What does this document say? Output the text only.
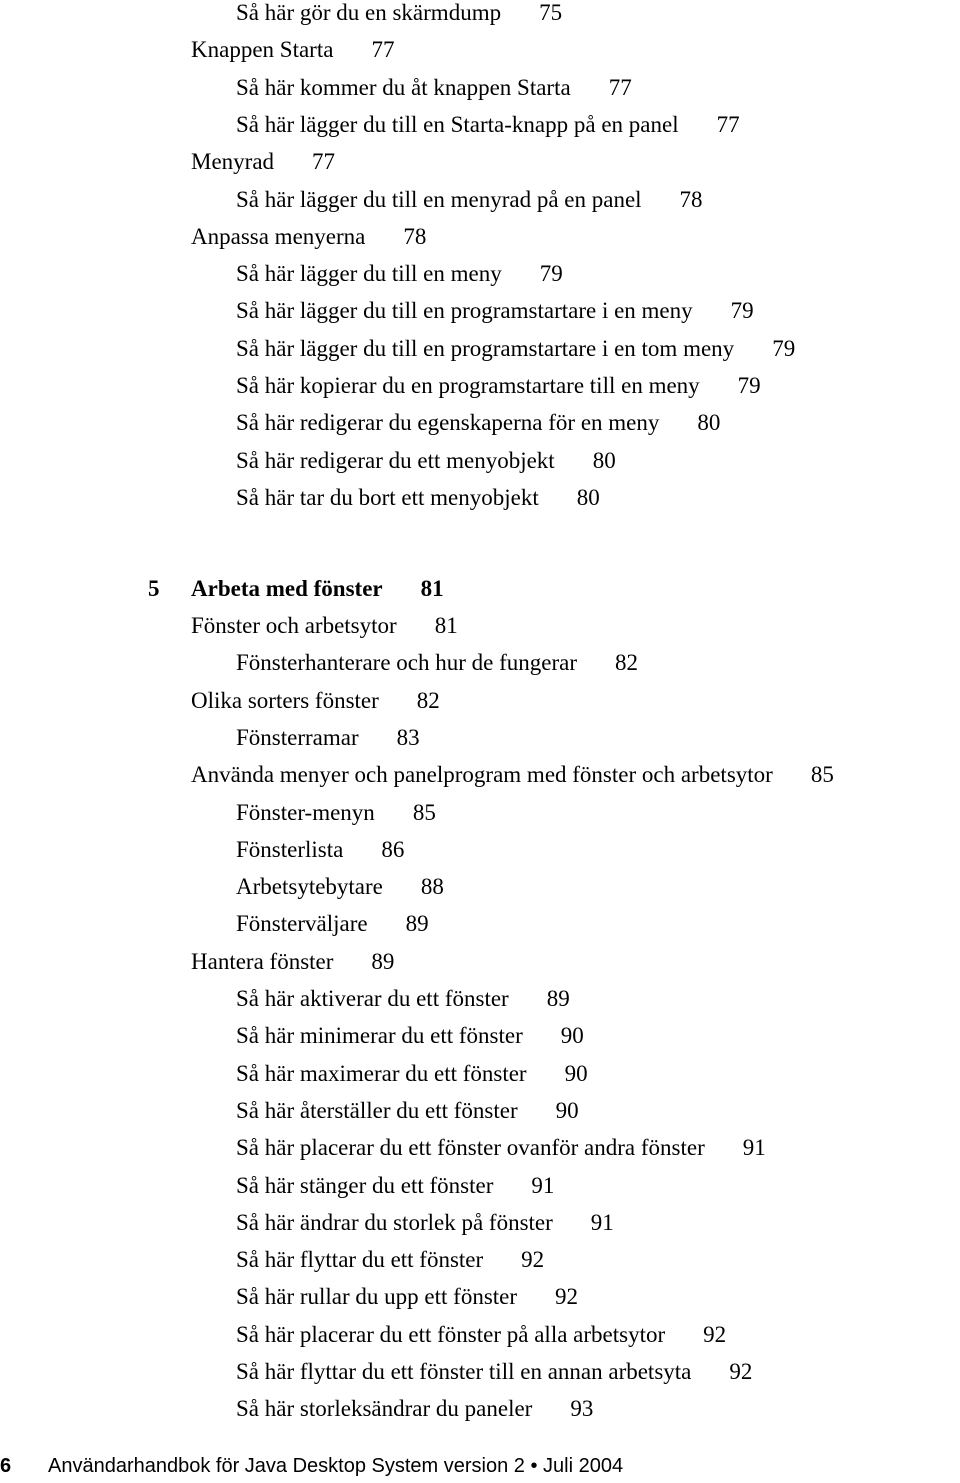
Så här gör du en skärmdump 75
Knappen Starta 77
Så här kommer du åt knappen Starta 77
Så här lägger du till en Starta-knapp på en panel 77
Menyrad 77
Så här lägger du till en menyrad på en panel 78
Anpassa menyerna 78
Så här lägger du till en meny 79
Så här lägger du till en programstartare i en meny 79
Så här lägger du till en programstartare i en tom meny 79
Så här kopierar du en programstartare till en meny 79
Så här redigerar du egenskaperna för en meny 80
Så här redigerar du ett menyobjekt 80
Så här tar du bort ett menyobjekt 80
5 Arbeta med fönster 81
Fönster och arbetsytor 81
Fönsterhanterare och hur de fungerar 82
Olika sorters fönster 82
Fönsterramar 83
Använda menyer och panelprogram med fönster och arbetsytor 85
Fönster-menyn 85
Fönsterlista 86
Arbetsytebytare 88
Fönsterväljare 89
Hantera fönster 89
Så här aktiverar du ett fönster 89
Så här minimerar du ett fönster 90
Så här maximerar du ett fönster 90
Så här återställer du ett fönster 90
Så här placerar du ett fönster ovanför andra fönster 91
Så här stänger du ett fönster 91
Så här ändrar du storlek på fönster 91
Så här flyttar du ett fönster 92
Så här rullar du upp ett fönster 92
Så här placerar du ett fönster på alla arbetsytor 92
Så här flyttar du ett fönster till en annan arbetsyta 92
Så här storleksändrar du paneler 93
6 Användarhandbok för Java Desktop System version 2 • Juli 2004
